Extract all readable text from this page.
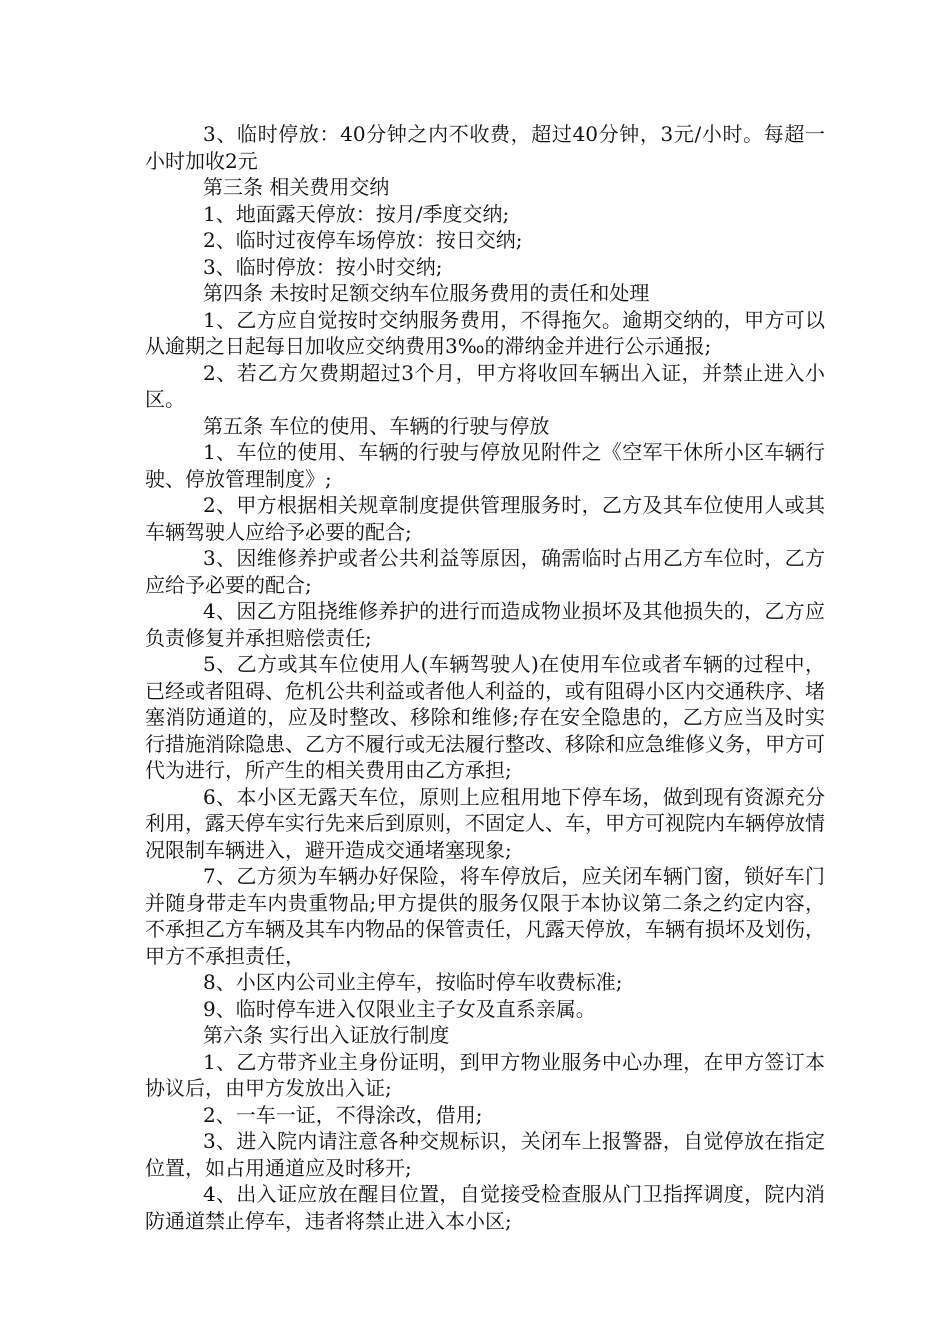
3、临时停放：40分钟之内不收费，超过40分钟，3元/小时。每超一小时加收2元

第三条 相关费用交纳

1、地面露天停放：按月/季度交纳;

2、临时过夜停车场停放：按日交纳;

3、临时停放：按小时交纳;

第四条 未按时足额交纳车位服务费用的责任和处理

1、乙方应自觉按时交纳服务费用，不得拖欠。逾期交纳的，甲方可以从逾期之日起每日加收应交纳费用3‰的滞纳金并进行公示通报;

2、若乙方欠费期超过3个月，甲方将收回车辆出入证，并禁止进入小区。

第五条 车位的使用、车辆的行驶与停放

1、车位的使用、车辆的行驶与停放见附件之《空军干休所小区车辆行驶、停放管理制度》;

2、甲方根据相关规章制度提供管理服务时，乙方及其车位使用人或其车辆驾驶人应给予必要的配合;

3、因维修养护或者公共利益等原因，确需临时占用乙方车位时，乙方应给予必要的配合;

4、因乙方阻挠维修养护的进行而造成物业损坏及其他损失的，乙方应负责修复并承担赔偿责任;

5、乙方或其车位使用人(车辆驾驶人)在使用车位或者车辆的过程中，已经或者阻碍、危机公共利益或者他人利益的，或有阻碍小区内交通秩序、堵塞消防通道的，应及时整改、移除和维修;存在安全隐患的，乙方应当及时实行措施消除隐患、乙方不履行或无法履行整改、移除和应急维修义务，甲方可代为进行，所产生的相关费用由乙方承担;

6、本小区无露天车位，原则上应租用地下停车场，做到现有资源充分利用，露天停车实行先来后到原则，不固定人、车，甲方可视院内车辆停放情况限制车辆进入，避开造成交通堵塞现象;

7、乙方须为车辆办好保险，将车停放后，应关闭车辆门窗，锁好车门并随身带走车内贵重物品;甲方提供的服务仅限于本协议第二条之约定内容，不承担乙方车辆及其车内物品的保管责任，凡露天停放，车辆有损坏及划伤，甲方不承担责任，

8、小区内公司业主停车，按临时停车收费标准;

9、临时停车进入仅限业主子女及直系亲属。

第六条 实行出入证放行制度

1、乙方带齐业主身份证明，到甲方物业服务中心办理，在甲方签订本协议后，由甲方发放出入证;

2、一车一证，不得涂改，借用;

3、进入院内请注意各种交规标识，关闭车上报警器，自觉停放在指定位置，如占用通道应及时移开;

4、出入证应放在醒目位置，自觉接受检查服从门卫指挥调度，院内消防通道禁止停车，违者将禁止进入本小区;
